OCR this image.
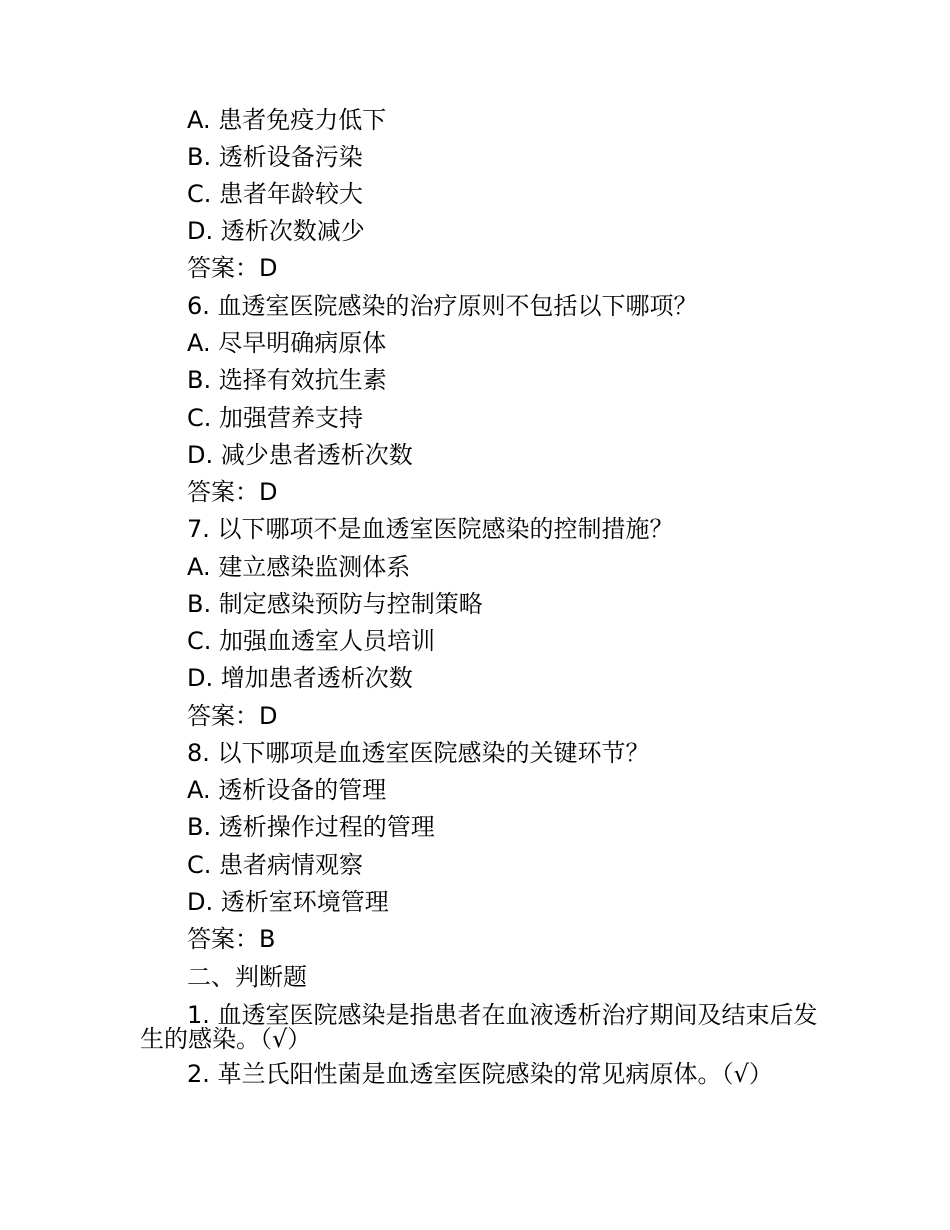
A. 患者免疫力低下
B. 透析设备污染
C. 患者年龄较大
D. 透析次数减少
答案：D
6. 血透室医院感染的治疗原则不包括以下哪项？
A. 尽早明确病原体
B. 选择有效抗生素
C. 加强营养支持
D. 减少患者透析次数
答案：D
7. 以下哪项不是血透室医院感染的控制措施？
A. 建立感染监测体系
B. 制定感染预防与控制策略
C. 加强血透室人员培训
D. 增加患者透析次数
答案：D
8. 以下哪项是血透室医院感染的关键环节？
A. 透析设备的管理
B. 透析操作过程的管理
C. 患者病情观察
D. 透析室环境管理
答案：B
二、判断题
1. 血透室医院感染是指患者在血液透析治疗期间及结束后发生的感染。（√）
2. 革兰氏阳性菌是血透室医院感染的常见病原体。（√）
